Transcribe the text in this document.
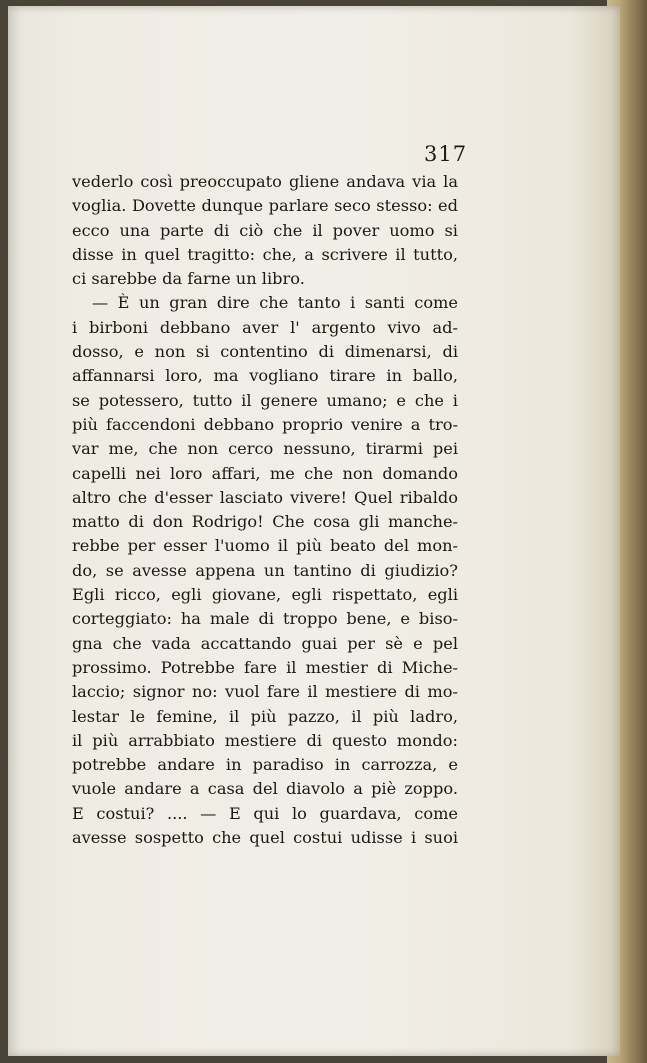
317
vederlo così preoccupato gliene andava via la
voglia. Dovette dunque parlare seco stesso: ed
ecco una parte di ciò che il pover uomo si
disse in quel tragitto: che, a scrivere il tutto,
ci sarebbe da farne un libro.
— È un gran dire che tanto i santi come
i birboni debbano aver l' argento vivo ad-
dosso, e non si contentino di dimenarsi, di
affannarsi loro, ma vogliano tirare in ballo,
se potessero, tutto il genere umano; e che i
più faccendoni debbano proprio venire a tro-
var me, che non cerco nessuno, tirarmi pei
capelli nei loro affari, me che non domando
altro che d'esser lasciato vivere! Quel ribaldo
matto di don Rodrigo! Che cosa gli manche-
rebbe per esser l'uomo il più beato del mon-
do, se avesse appena un tantino di giudizio?
Egli ricco, egli giovane, egli rispettato, egli
corteggiato: ha male di troppo bene, e biso-
gna che vada accattando guai per sè e pel
prossimo. Potrebbe fare il mestier di Miche-
laccio; signor no: vuol fare il mestiere di mo-
lestar le femine, il più pazzo, il più ladro,
il più arrabbiato mestiere di questo mondo:
potrebbe andare in paradiso in carrozza, e
vuole andare a casa del diavolo a piè zoppo.
E costui? .... — E qui lo guardava, come
avesse sospetto che quel costui udisse i suoi
